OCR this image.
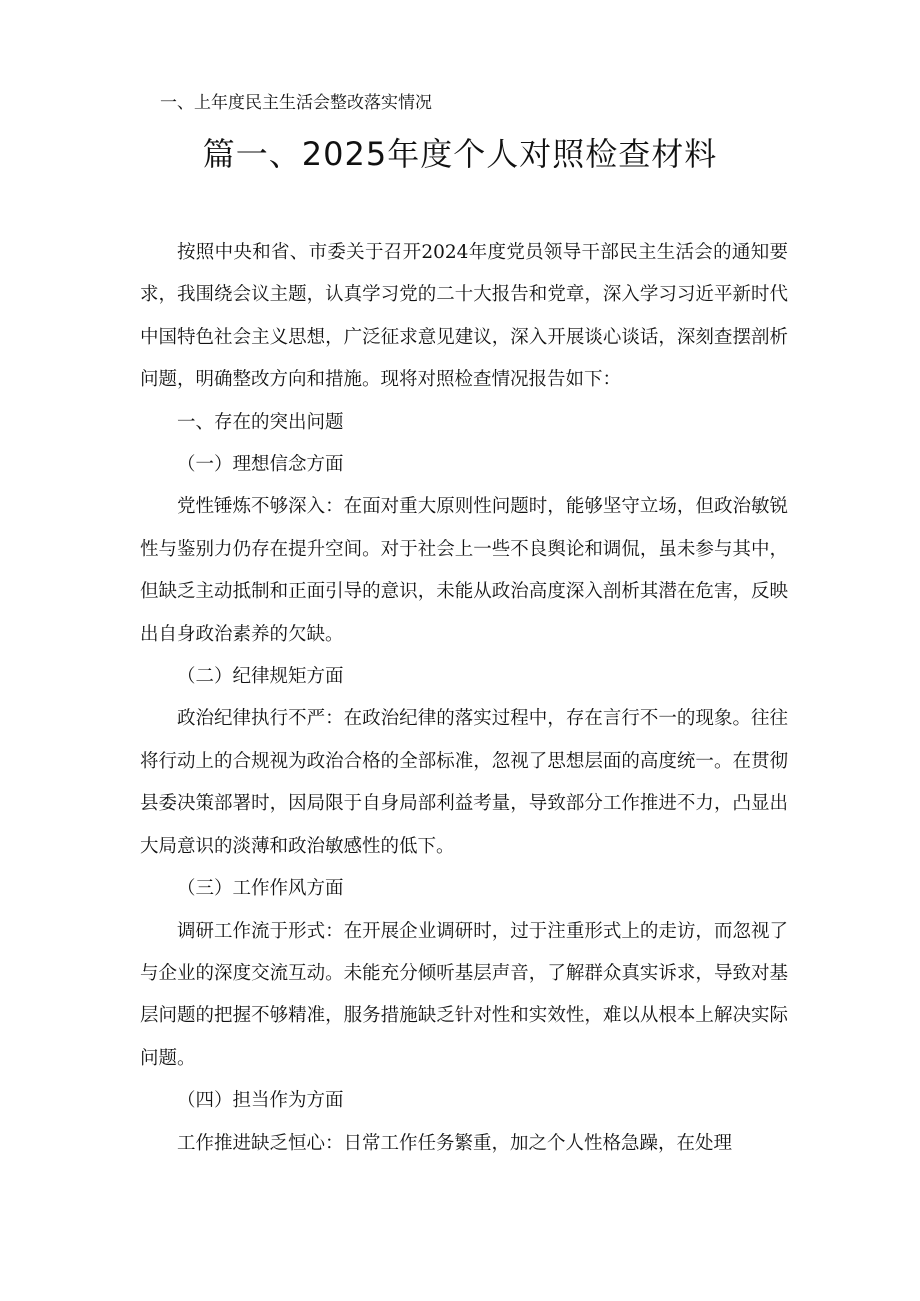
一、上年度民主生活会整改落实情况
篇一、2025年度个人对照检查材料

按照中央和省、市委关于召开2024年度党员领导干部民主生活会的通知要求，我围绕会议主题，认真学习党的二十大报告和党章，深入学习习近平新时代中国特色社会主义思想，广泛征求意见建议，深入开展谈心谈话，深刻查摆剖析问题，明确整改方向和措施。现将对照检查情况报告如下：

一、存在的突出问题

（一）理想信念方面

党性锤炼不够深入：在面对重大原则性问题时，能够坚守立场，但政治敏锐性与鉴别力仍存在提升空间。对于社会上一些不良舆论和调侃，虽未参与其中，但缺乏主动抵制和正面引导的意识，未能从政治高度深入剖析其潜在危害，反映出自身政治素养的欠缺。

（二）纪律规矩方面

政治纪律执行不严：在政治纪律的落实过程中，存在言行不一的现象。往往将行动上的合规视为政治合格的全部标准，忽视了思想层面的高度统一。在贯彻县委决策部署时，因局限于自身局部利益考量，导致部分工作推进不力，凸显出大局意识的淡薄和政治敏感性的低下。

（三）工作作风方面

调研工作流于形式：在开展企业调研时，过于注重形式上的走访，而忽视了与企业的深度交流互动。未能充分倾听基层声音，了解群众真实诉求，导致对基层问题的把握不够精准，服务措施缺乏针对性和实效性，难以从根本上解决实际问题。

（四）担当作为方面

工作推进缺乏恒心：日常工作任务繁重，加之个人性格急躁，在处理
